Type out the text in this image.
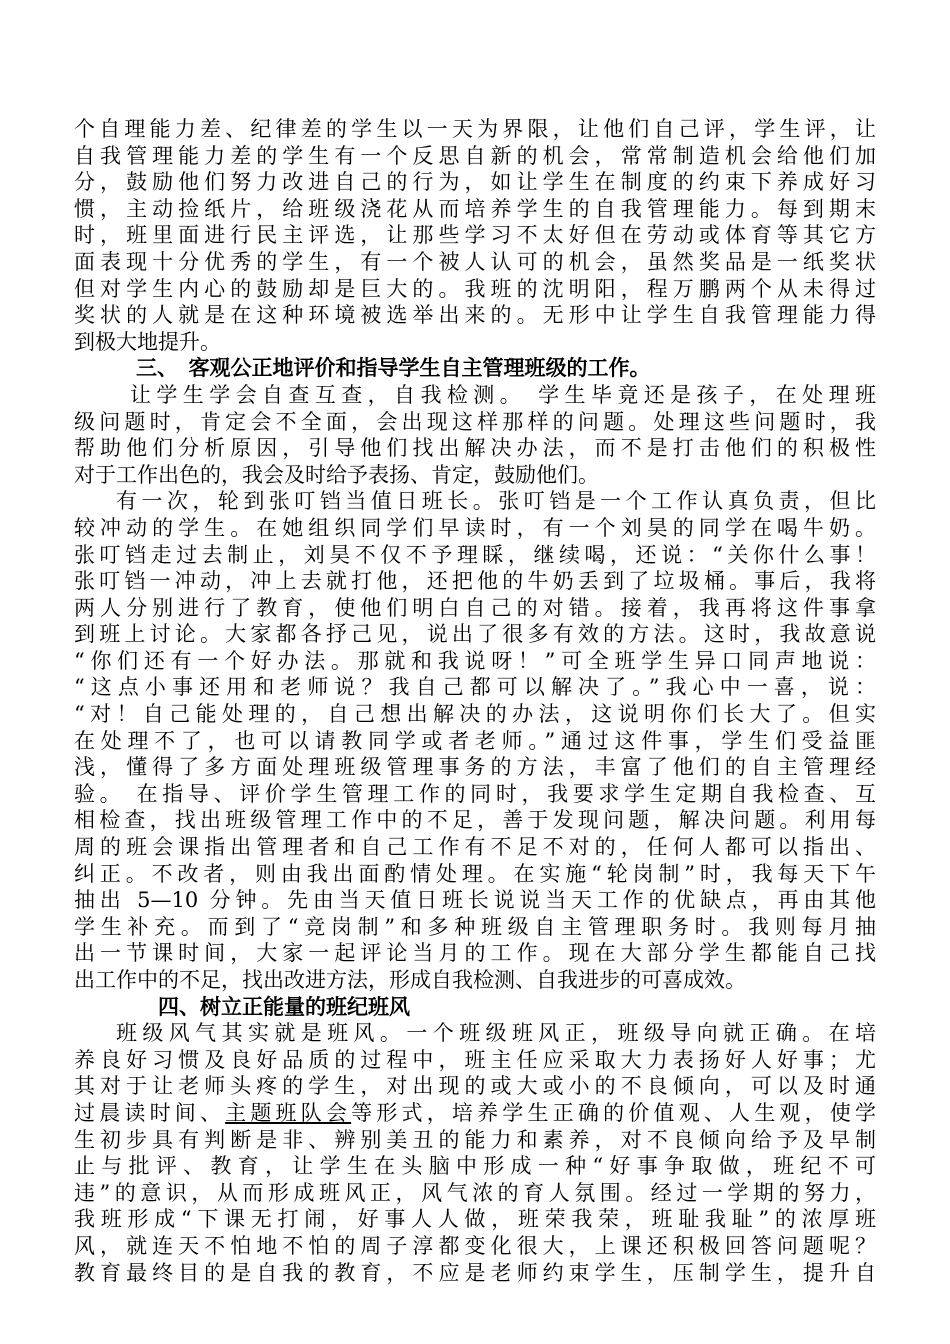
个自理能力差、纪律差的学生以一天为界限，让他们自己评，学生评，让
自我管理能力差的学生有一个反思自新的机会，常常制造机会给他们加
分，鼓励他们努力改进自己的行为，如让学生在制度的约束下养成好习
惯，主动捡纸片，给班级浇花从而培养学生的自我管理能力。每到期末
时，班里面进行民主评选，让那些学习不太好但在劳动或体育等其它方
面表现十分优秀的学生，有一个被人认可的机会，虽然奖品是一纸奖状
但对学生内心的鼓励却是巨大的。我班的沈明阳，程万鹏两个从未得过
奖状的人就是在这种环境被选举出来的。无形中让学生自我管理能力得
到极大地提升。
三、　客观公正地评价和指导学生自主管理班级的工作。
让学生学会自查互查，自我检测。 学生毕竟还是孩子，在处理班
级问题时，肯定会不全面，会出现这样那样的问题。处理这些问题时，我
帮助他们分析原因，引导他们找出解决办法，而不是打击他们的积极性
对于工作出色的，我会及时给予表扬、肯定，鼓励他们。
有一次，轮到张叮铛当值日班长。张叮铛是一个工作认真负责，但比
较冲动的学生。在她组织同学们早读时，有一个刘昊的同学在喝牛奶。
张叮铛走过去制止，刘昊不仅不予理睬，继续喝，还说：“关你什么事！
张叮铛一冲动，冲上去就打他，还把他的牛奶丢到了垃圾桶。事后，我将
两人分别进行了教育，使他们明白自己的对错。接着，我再将这件事拿
到班上讨论。大家都各抒己见，说出了很多有效的方法。这时，我故意说
“你们还有一个好办法。那就和我说呀！”可全班学生异口同声地说：
“这点小事还用和老师说？我自己都可以解决了。”我心中一喜，说：
“对！自己能处理的，自己想出解决的办法，这说明你们长大了。但实
在处理不了，也可以请教同学或者老师。”通过这件事，学生们受益匪
浅，懂得了多方面处理班级管理事务的方法，丰富了他们的自主管理经
验。 在指导、评价学生管理工作的同时，我要求学生定期自我检查、互
相检查，找出班级管理工作中的不足，善于发现问题，解决问题。利用每
周的班会课指出管理者和自己工作有不足不对的，任何人都可以指出、
纠正。不改者，则由我出面酌情处理。在实施“轮岗制”时，我每天下午
抽出 5—10 分钟。先由当天值日班长说说当天工作的优缺点，再由其他
学生补充。而到了“竞岗制”和多种班级自主管理职务时。我则每月抽
出一节课时间，大家一起评论当月的工作。现在大部分学生都能自己找
出工作中的不足，找出改进方法，形成自我检测、自我进步的可喜成效。
四、树立正能量的班纪班风
班级风气其实就是班风。一个班级班风正，班级导向就正确。在培
养良好习惯及良好品质的过程中，班主任应采取大力表扬好人好事；尤
其对于让老师头疼的学生，对出现的或大或小的不良倾向，可以及时通
过晨读时间、主题班队会等形式，培养学生正确的价值观、人生观，使学
生初步具有判断是非、辨别美丑的能力和素养，对不良倾向给予及早制
止与批评、教育，让学生在头脑中形成一种“好事争取做，班纪不可
违”的意识，从而形成班风正，风气浓的育人氛围。经过一学期的努力，
我班形成“下课无打闹，好事人人做，班荣我荣，班耻我耻”的浓厚班
风，就连天不怕地不怕的周子淳都变化很大，上课还积极回答问题呢？
教育最终目的是自我的教育，不应是老师约束学生，压制学生，提升自
